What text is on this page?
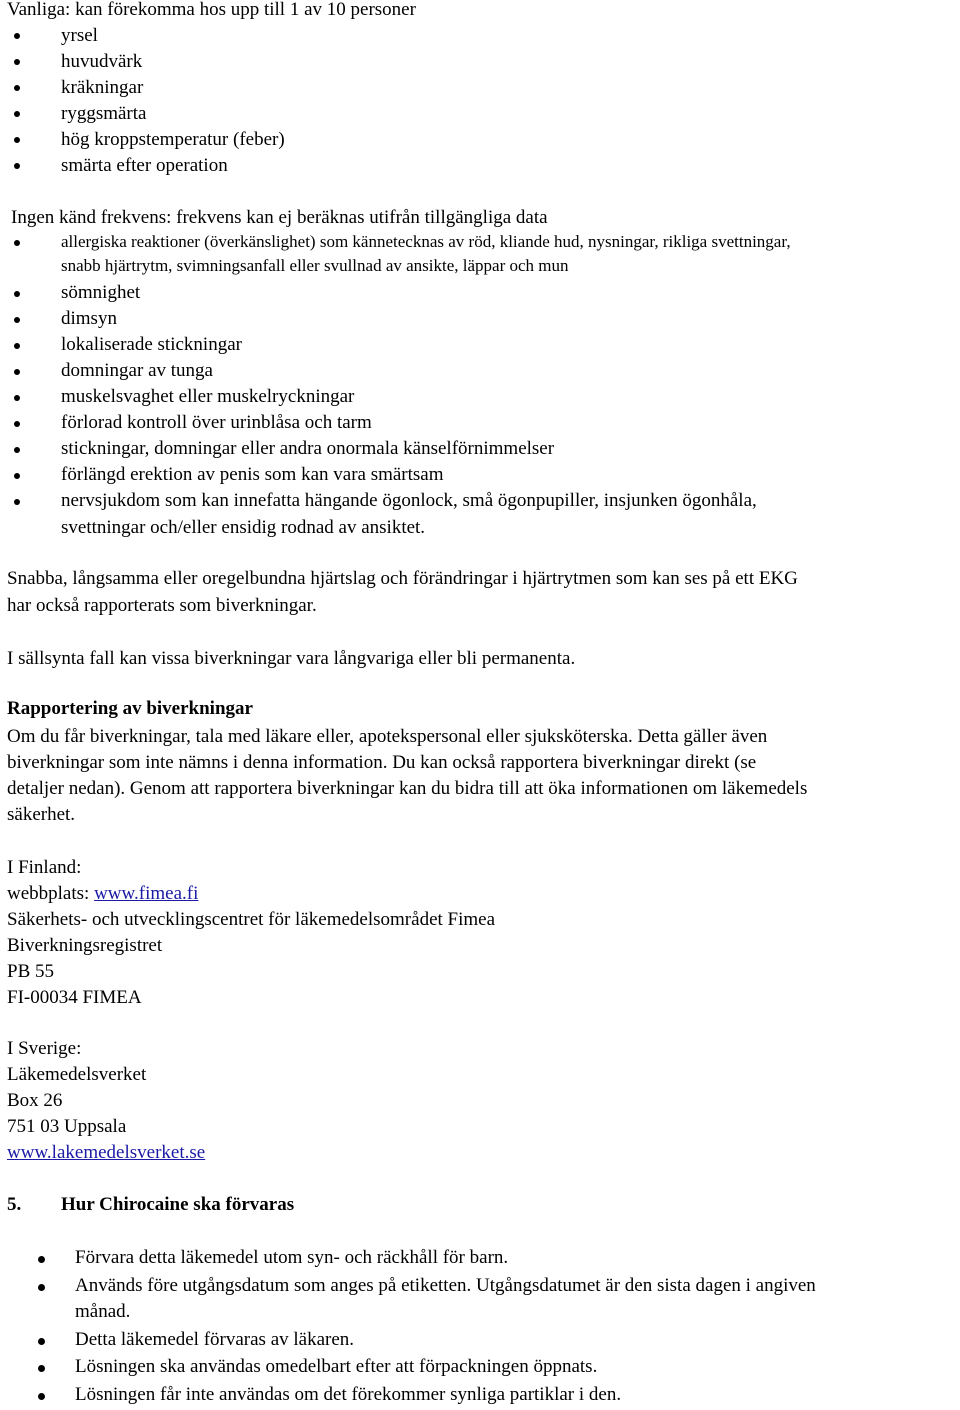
Vanliga: kan förekomma hos upp till 1 av 10 personer
yrsel
huvudvärk
kräkningar
ryggsmärta
hög kroppstemperatur (feber)
smärta efter operation
Ingen känd frekvens: frekvens kan ej beräknas utifrån tillgängliga data
allergiska reaktioner (överkänslighet) som kännetecknas av röd, kliande hud, nysningar, rikliga svettningar,
snabb hjärtrytm, svimningsanfall eller svullnad av ansikte, läppar och mun
sömnighet
dimsyn
lokaliserade stickningar
domningar av tunga
muskelsvaghet eller muskelryckningar
förlorad kontroll över urinblåsa och tarm
stickningar, domningar eller andra onormala känselförnimmelser
förlängd erektion av penis som kan vara smärtsam
nervsjukdom som kan innefatta hängande ögonlock, små ögonpupiller, insjunken ögonhåla,
svettningar och/eller ensidig rodnad av ansiktet.
Snabba, långsamma eller oregelbundna hjärtslag och förändringar i hjärtrytmen som kan ses på ett EKG
har också rapporterats som biverkningar.
I sällsynta fall kan vissa biverkningar vara långvariga eller bli permanenta.
Rapportering av biverkningar
Om du får biverkningar, tala med läkare eller, apotekspersonal eller sjuksköterska. Detta gäller även
biverkningar som inte nämns i denna information. Du kan också rapportera biverkningar direkt (se
detaljer nedan). Genom att rapportera biverkningar kan du bidra till att öka informationen om läkemedels
säkerhet.
I Finland:
webbplats: www.fimea.fi
Säkerhets- och utvecklingscentret för läkemedelsområdet Fimea
Biverkningsregistret
PB 55
FI-00034 FIMEA
I Sverige:
Läkemedelsverket
Box 26
751 03 Uppsala
www.lakemedelsverket.se
5. Hur Chirocaine ska förvaras
Förvara detta läkemedel utom syn- och räckhåll för barn.
Används före utgångsdatum som anges på etiketten. Utgångsdatumet är den sista dagen i angiven
månad.
Detta läkemedel förvaras av läkaren.
Lösningen ska användas omedelbart efter att förpackningen öppnats.
Lösningen får inte användas om det förekommer synliga partiklar i den.
